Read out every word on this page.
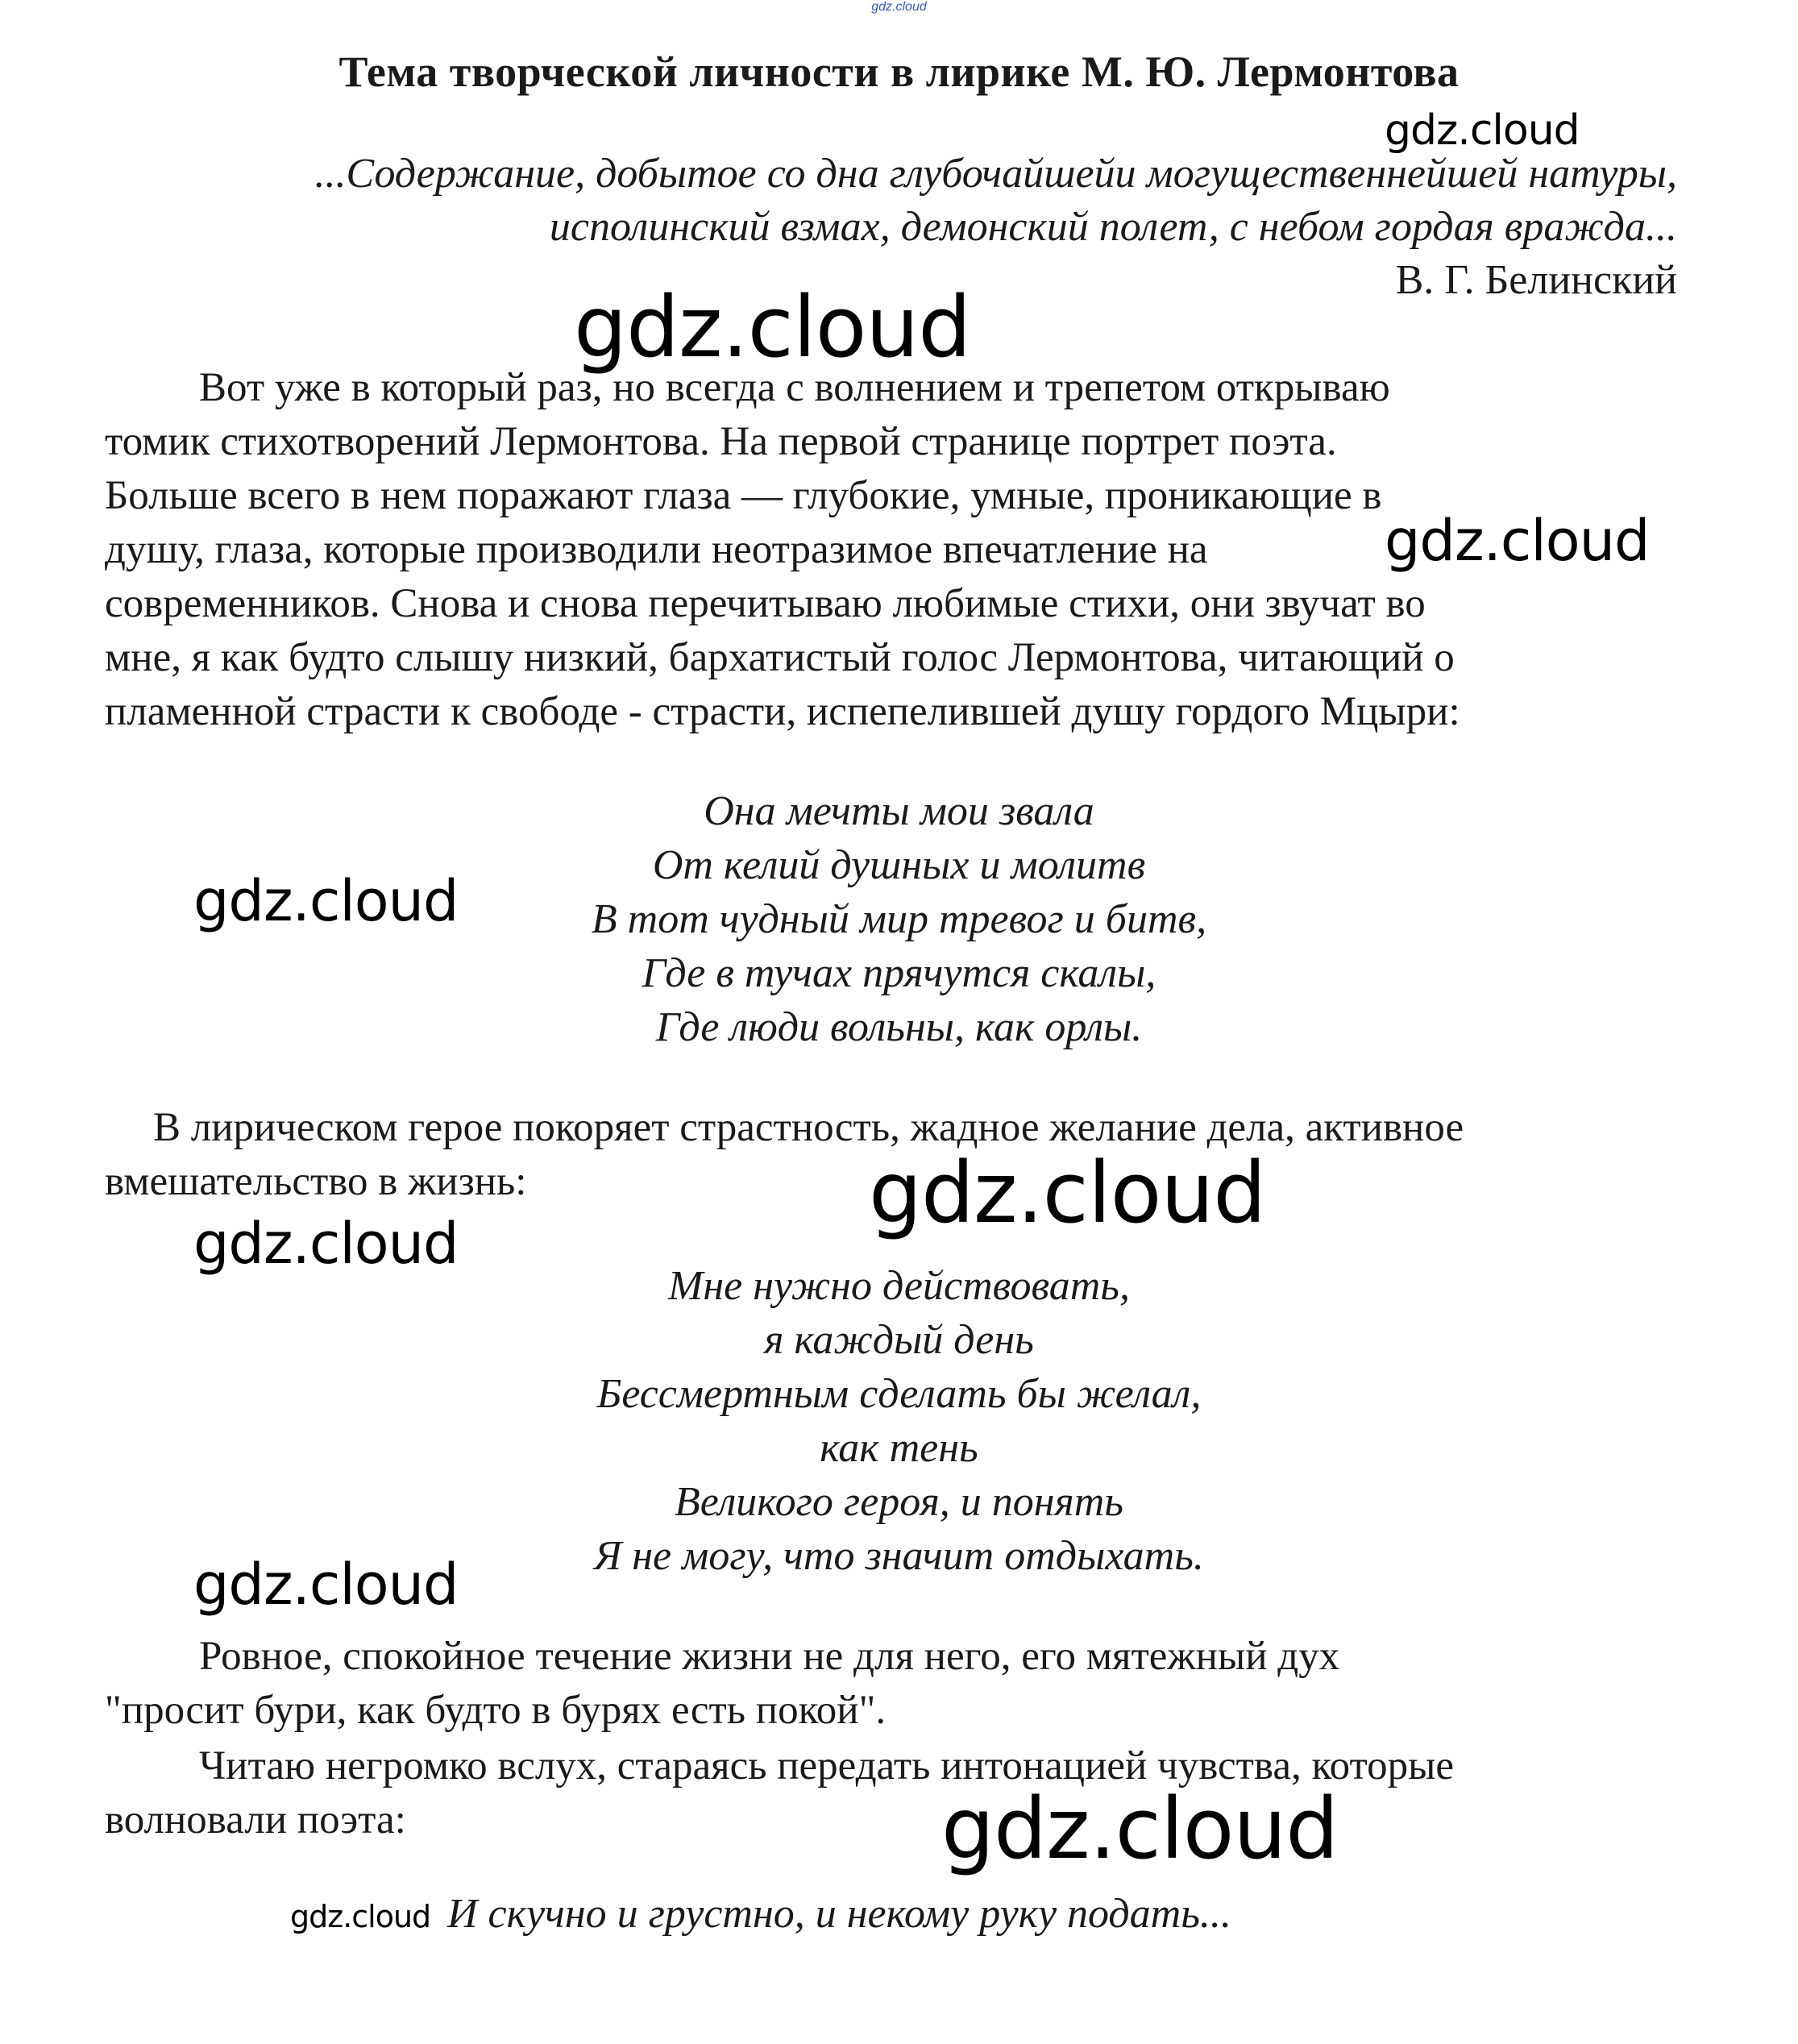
gdz.cloud
Тема творческой личности в лирике М. Ю. Лермонтова
gdz.cloud
...Содержание, добытое со дна глубочайшейи могущественнейшей натуры,
исполинский взмах, демонский полет, с небом гордая вражда...
В. Г. Белинский
gdz.cloud
Вот уже в который раз, но всегда с волнением и трепетом открываю
томик стихотворений Лермонтова. На первой странице портрет поэта.
Больше всего в нем поражают глаза — глубокие, умные, проникающие в
душу, глаза, которые производили неотразимое впечатление на
современников. Снова и снова перечитываю любимые стихи, они звучат во
мне, я как будто слышу низкий, бархатистый голос Лермонтова, читающий о
пламенной страсти к свободе - страсти, испепелившей душу гордого Мцыри:
gdz.cloud
Она мечты мои звала
От келий душных и молитв
В тот чудный мир тревог и битв,
Где в тучах прячутся скалы,
Где люди вольны, как орлы.
gdz.cloud
В лирическом герое покоряет страстность, жадное желание дела, активное
вмешательство в жизнь:	gdz.cloud
gdz.cloud
Мне нужно действовать,
я каждый день
Бессмертным сделать бы желал,
как тень
Великого героя, и понять
Я не могу, что значит отдыхать.
gdz.cloud
Ровное, спокойное течение жизни не для него, его мятежный дух
"просит бури, как будто в бурях есть покой".
Читаю негромко вслух, стараясь передать интонацией чувства, которые
волновали поэта:	gdz.cloud
gdz.cloud И скучно и грустно, и некому руку подать...
